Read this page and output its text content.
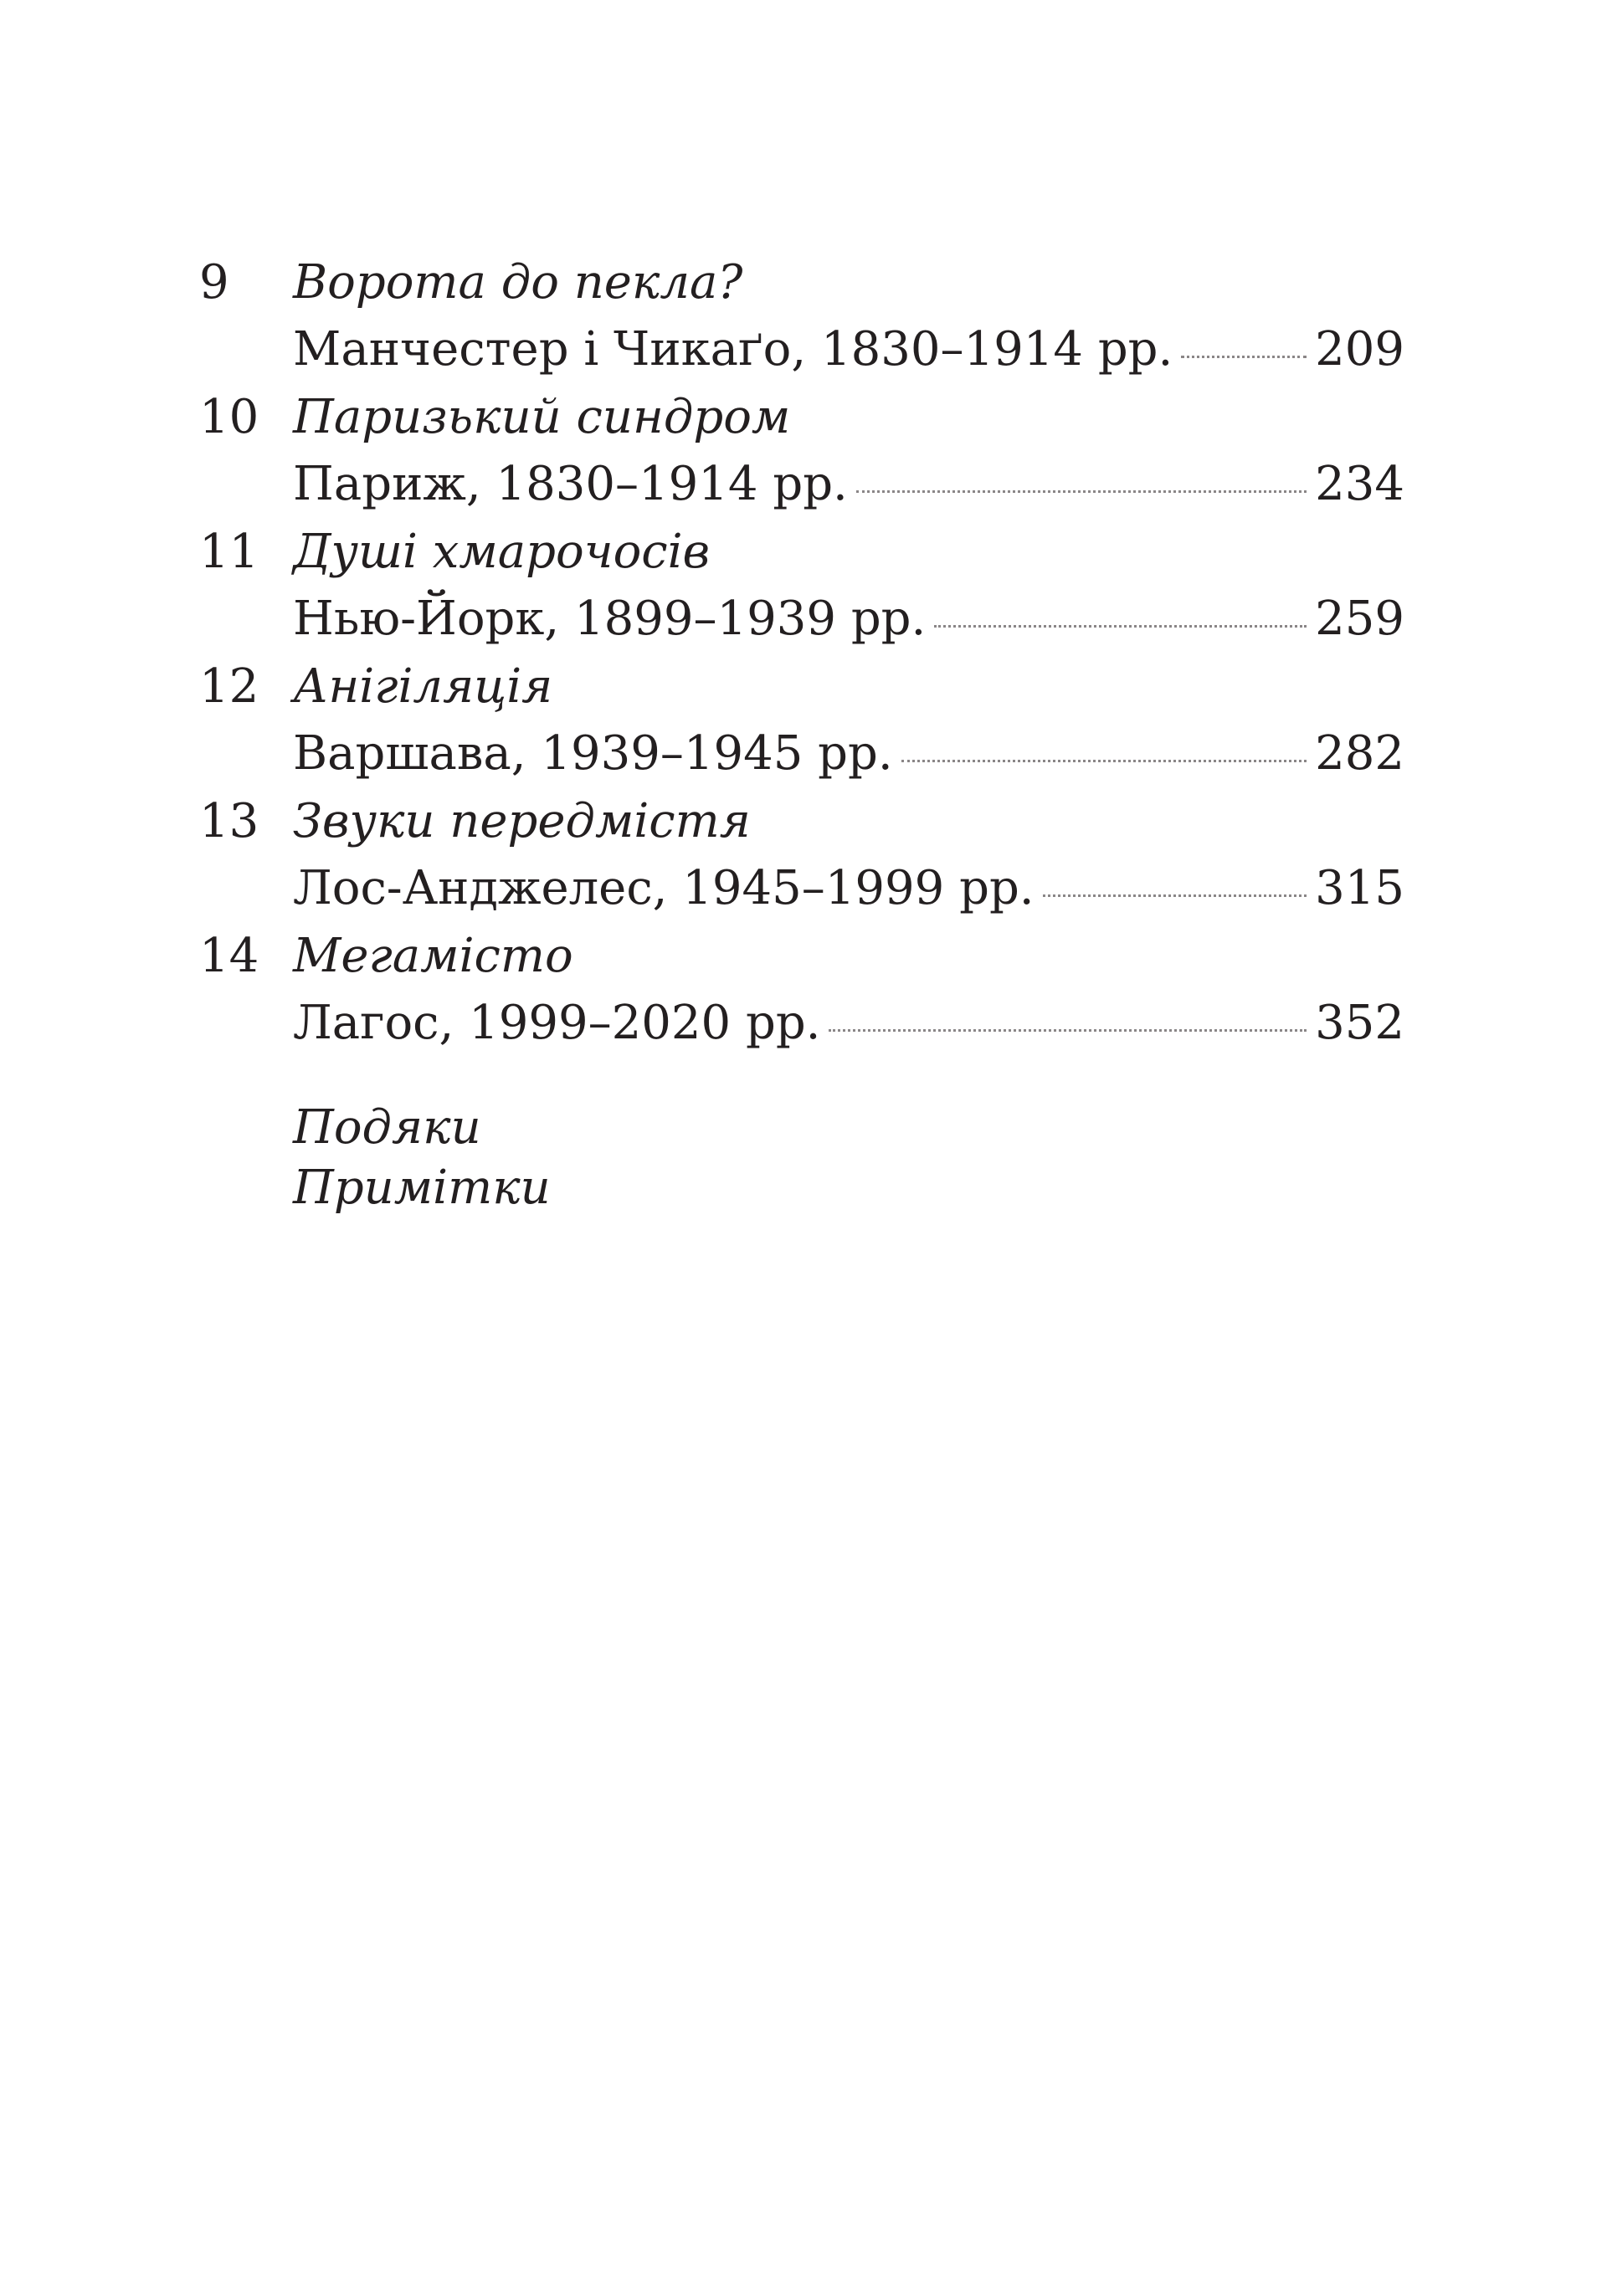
9 Ворота до пекла?
Манчестер і Чикаґо, 1830–1914 рр.	209
10 Паризький синдром
Париж, 1830–1914 рр.	234
11 Душі хмарочосів
Нью-Йорк, 1899–1939 рр.	259
12 Анігіляція
Варшава, 1939–1945 рр.	282
13 Звуки передмістя
Лос-Анджелес, 1945–1999 рр.	315
14 Мегамісто
Лагос, 1999–2020 рр.	352
Подяки
Примітки
